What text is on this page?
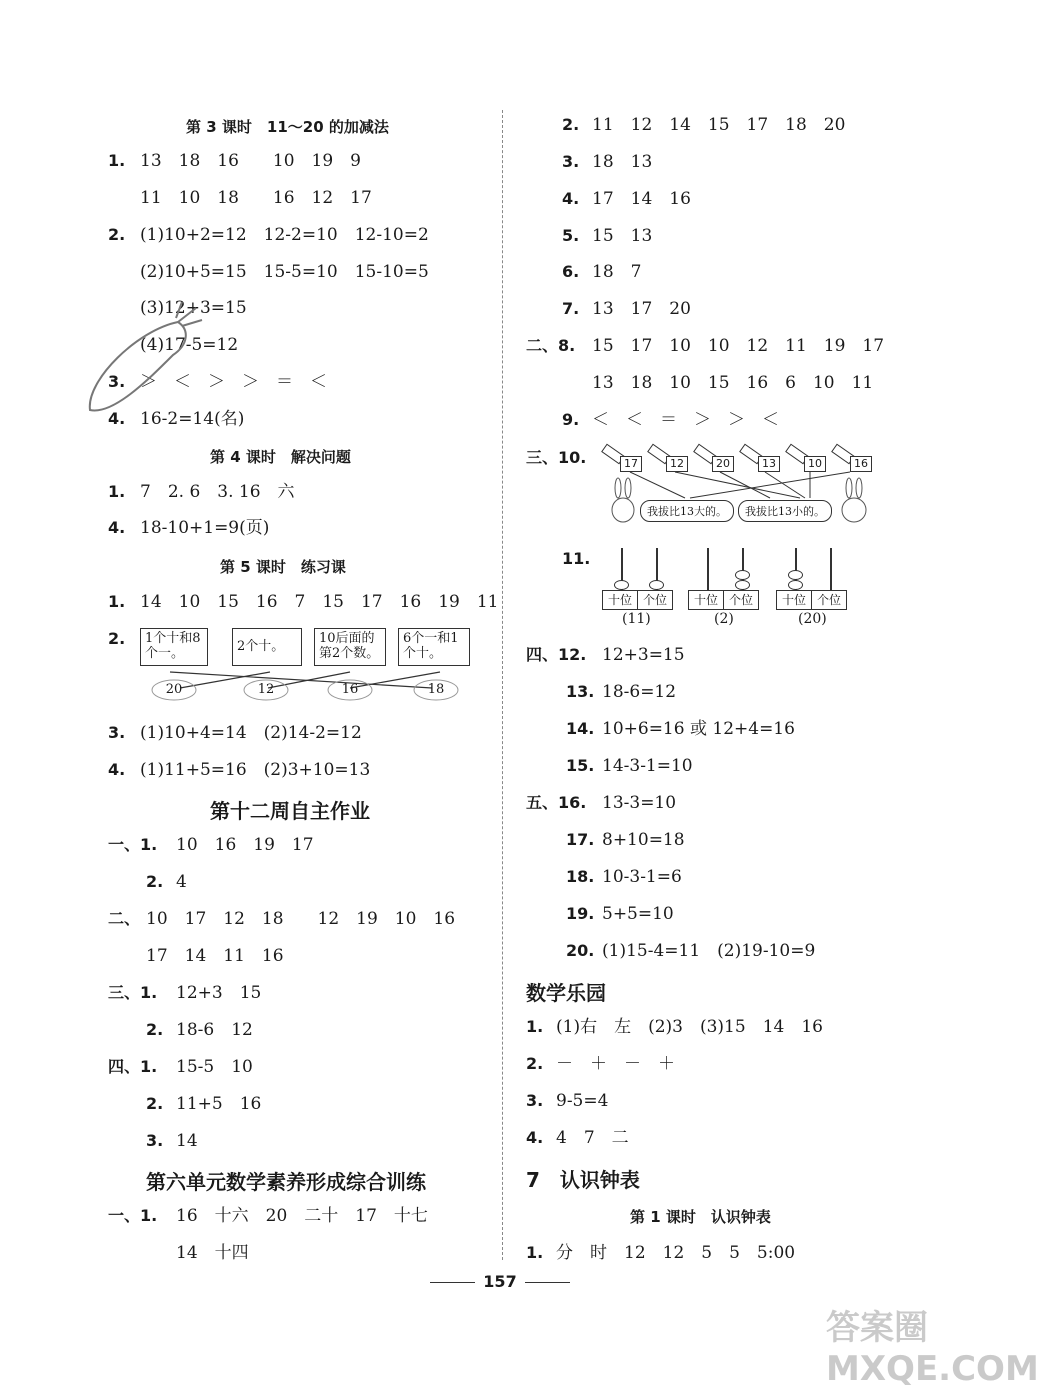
第 3 课时　11～20 的加减法
1. 13　18　16　　10　19　9
11　10　18　　16　12　17
2. (1)10+2=12　12-2=10　12-10=2
(2)10+5=15　15-5=10　15-10=5
(3)12+3=15
(4)17-5=12
3. ＞　＜　＞　＞　＝　＜
4. 16-2=14(名)
第 4 课时　解决问题
1. 7　2. 6　3. 16　六
4. 18-10+1=9(页)
第 5 课时　练习课
1. 14　10　15　16　7　15　17　16　19　11
2.	1个十和8个一。	2个十。
10后面的第2个数。
6个一和1个十。
20	12	16	18
3. (1)10+4=14　(2)14-2=12
4. (1)11+5=16　(2)3+10=13
第十二周自主作业
一、1. 10　16　19　17
2. 4
二、 10　17　12　18　　12　19　10　16
17　14　11　16
三、1. 12+3　15
2. 18-6　12
四、1. 15-5　10
2. 11+5　16
3. 14
第六单元数学素养形成综合训练
一、1. 16　十六　20　二十　17　十七
14　十四
2. 11　12　14　15　17　18　20
3. 18　13
4. 17　14　16
5. 15　13
6. 18　7
7. 13　17　20
二、8. 15　17　10　10　12　11　19　17
13　18　10　15　16　6　10　11
9. ＜　＜　＝　＞　＞　＜
三、10.	17	12	20	13	10	16
我拔比13大的。	我拔比13小的。
11.
十位 个位
(11)
十位 个位
(2)
十位 个位
(20)
四、12. 12+3=15
13. 18-6=12
14. 10+6=16 或 12+4=16
15. 14-3-1=10
五、16. 13-3=10
17. 8+10=18
18. 10-3-1=6
19. 5+5=10
20. (1)15-4=11　(2)19-10=9
数学乐园
1. (1)右　左　(2)3　(3)15　14　16
2. －　＋　－　＋
3. 9-5=4
4. 4　7　二
7　认识钟表
第 1 课时　认识钟表
1. 分　时　12　12　5　5　5:00
157
答案圈 MXQE.COM
